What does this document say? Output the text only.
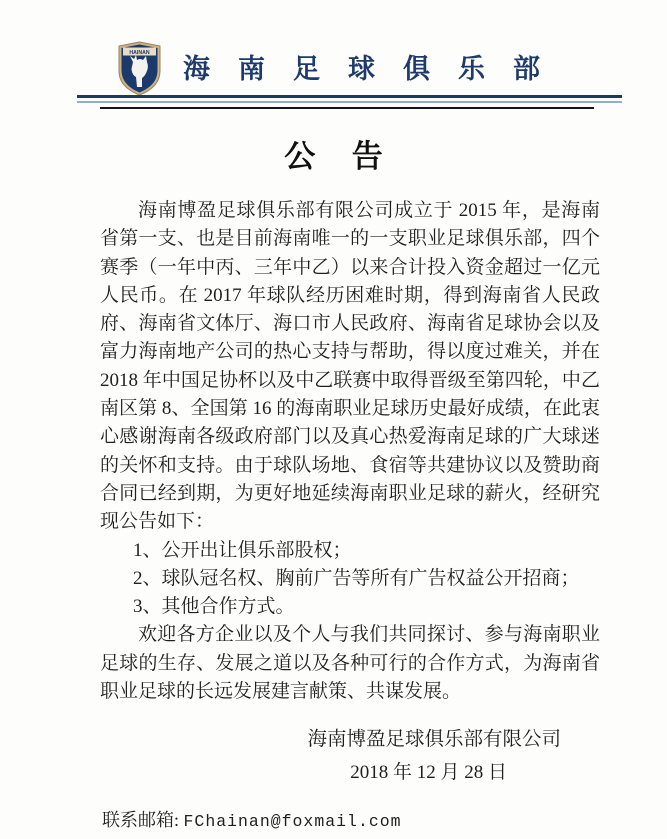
HAINAN
海南足球俱乐部
公 告

海南博盈足球俱乐部有限公司成立于 2015 年，是海南省第一支、也是目前海南唯一的一支职业足球俱乐部，四个赛季（一年中丙、三年中乙）以来合计投入资金超过一亿元人民币。在 2017 年球队经历困难时期，得到海南省人民政府、海南省文体厅、海口市人民政府、海南省足球协会以及富力海南地产公司的热心支持与帮助，得以度过难关，并在 2018 年中国足协杯以及中乙联赛中取得晋级至第四轮，中乙南区第 8、全国第 16 的海南职业足球历史最好成绩，在此衷心感谢海南各级政府部门以及真心热爱海南足球的广大球迷的关怀和支持。由于球队场地、食宿等共建协议以及赞助商合同已经到期，为更好地延续海南职业足球的薪火，经研究现公告如下：

1、公开出让俱乐部股权；
2、球队冠名权、胸前广告等所有广告权益公开招商；
3、其他合作方式。

欢迎各方企业以及个人与我们共同探讨、参与海南职业足球的生存、发展之道以及各种可行的合作方式，为海南省职业足球的长远发展建言献策、共谋发展。

海南博盈足球俱乐部有限公司
2018 年 12 月 28 日
联系邮箱: FChainan@foxmail.com
